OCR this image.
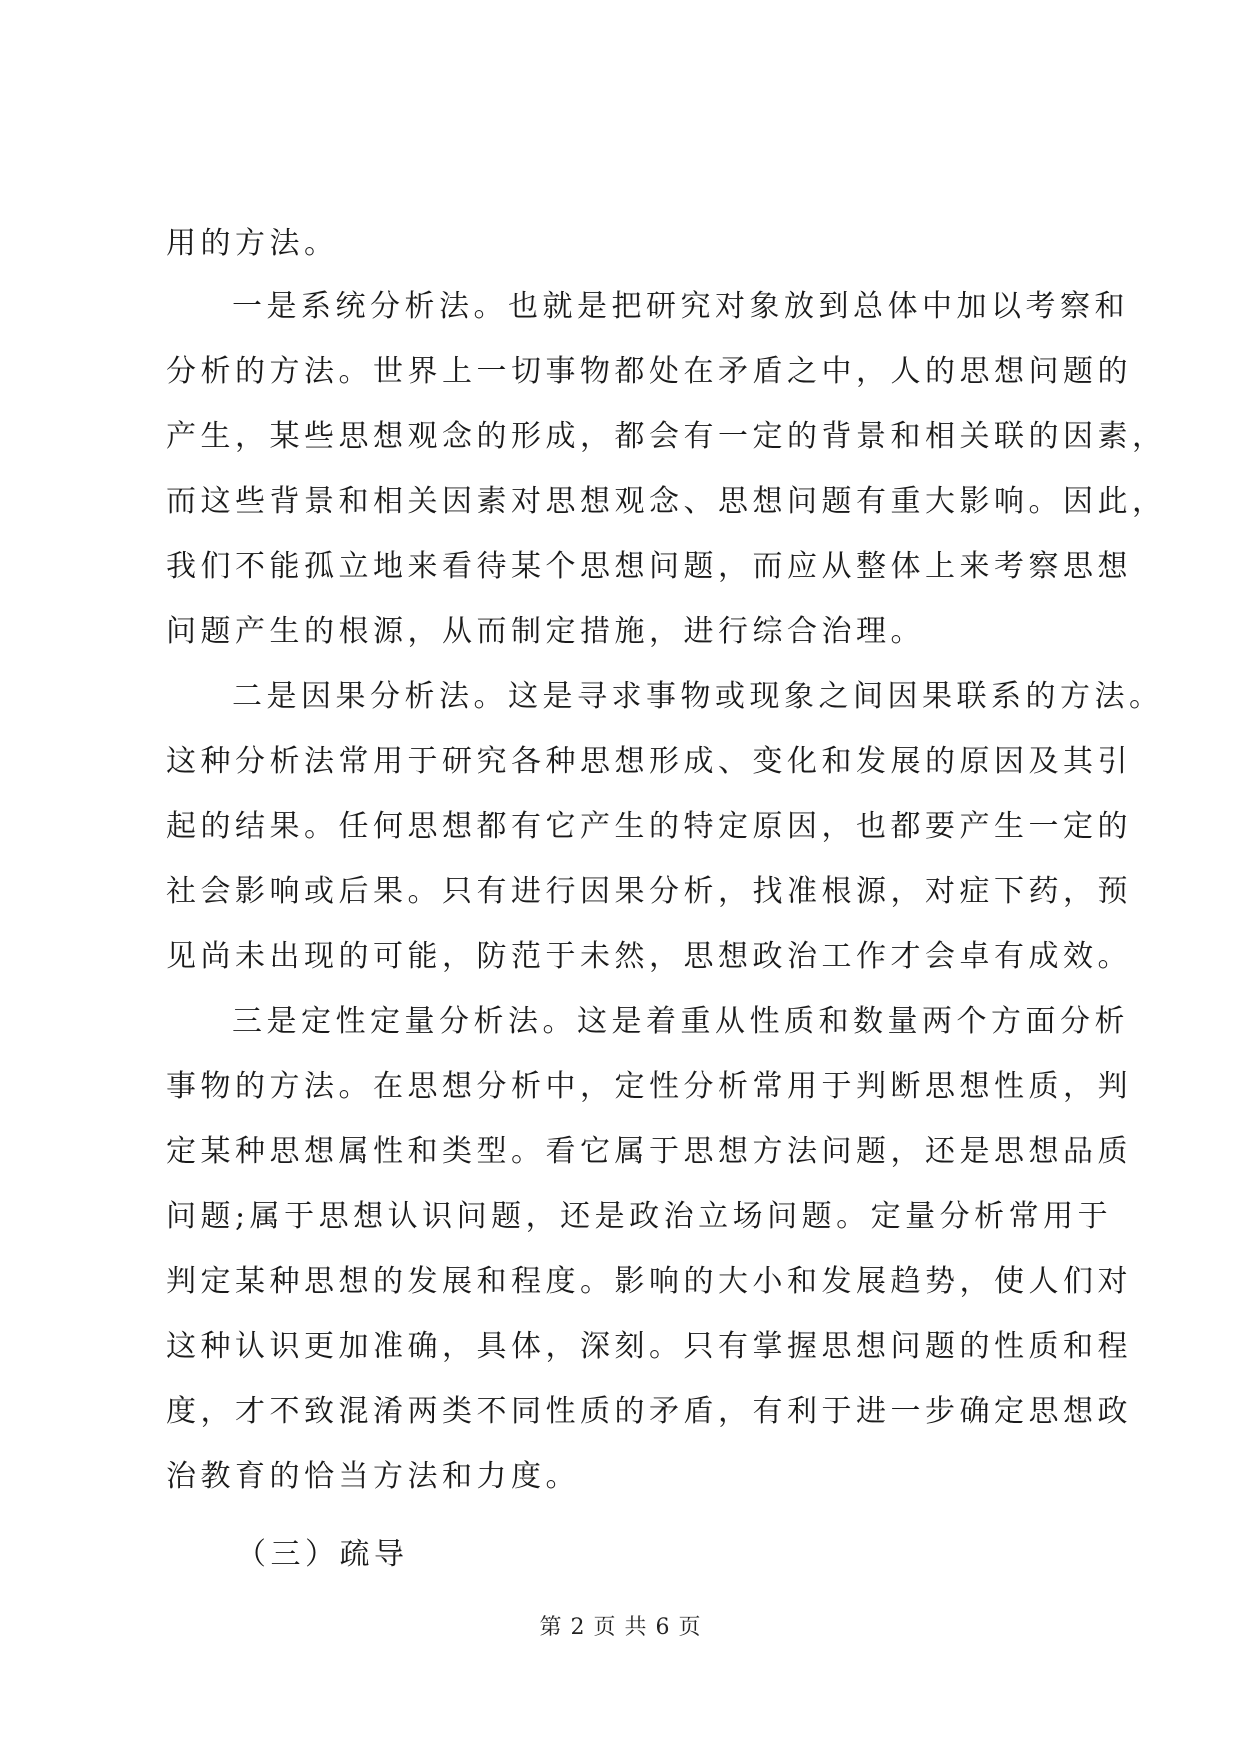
用的方法。
一是系统分析法。也就是把研究对象放到总体中加以考察和
分析的方法。世界上一切事物都处在矛盾之中，人的思想问题的
产生，某些思想观念的形成，都会有一定的背景和相关联的因素，
而这些背景和相关因素对思想观念、思想问题有重大影响。因此，
我们不能孤立地来看待某个思想问题，而应从整体上来考察思想
问题产生的根源，从而制定措施，进行综合治理。
二是因果分析法。这是寻求事物或现象之间因果联系的方法。
这种分析法常用于研究各种思想形成、变化和发展的原因及其引
起的结果。任何思想都有它产生的特定原因，也都要产生一定的
社会影响或后果。只有进行因果分析，找准根源，对症下药，预
见尚未出现的可能，防范于未然，思想政治工作才会卓有成效。
三是定性定量分析法。这是着重从性质和数量两个方面分析
事物的方法。在思想分析中，定性分析常用于判断思想性质，判
定某种思想属性和类型。看它属于思想方法问题，还是思想品质
问题;属于思想认识问题，还是政治立场问题。定量分析常用于
判定某种思想的发展和程度。影响的大小和发展趋势，使人们对
这种认识更加准确，具体，深刻。只有掌握思想问题的性质和程
度，才不致混淆两类不同性质的矛盾，有利于进一步确定思想政
治教育的恰当方法和力度。
（三）疏导
第 2 页 共 6 页
